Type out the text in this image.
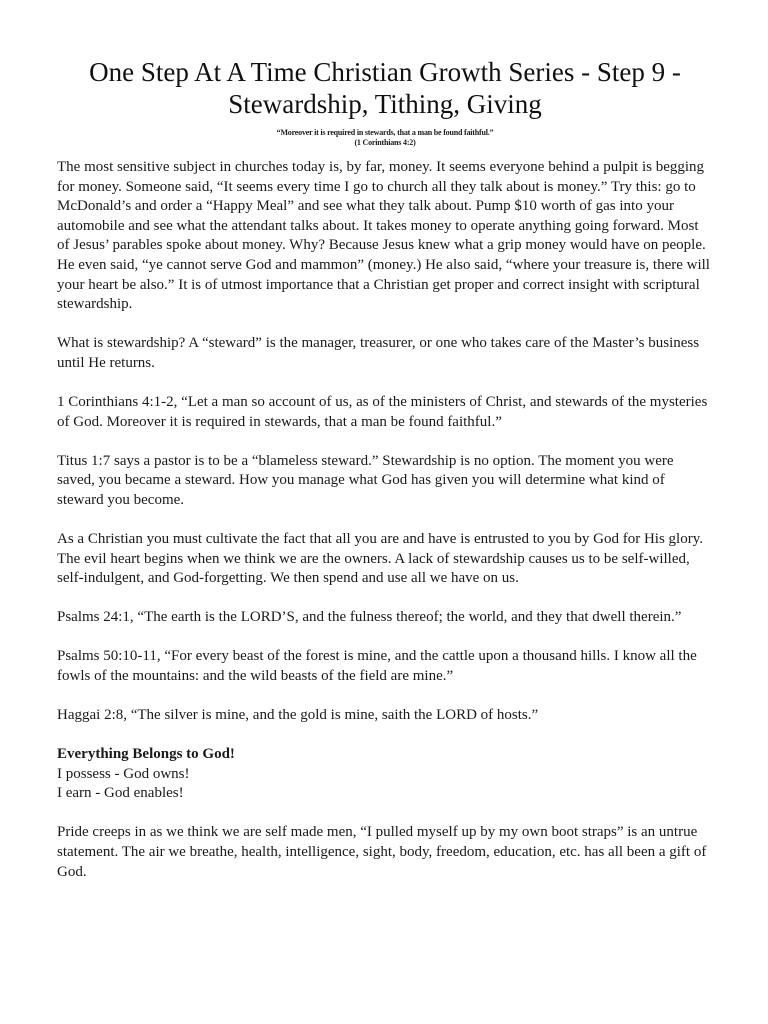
One Step At A Time Christian Growth Series - Step 9 - Stewardship, Tithing, Giving
“Moreover it is required in stewards, that a man be found faithful.”
(1 Corinthians 4:2)

The most sensitive subject in churches today is, by far, money. It seems everyone behind a pulpit is begging for money. Someone said, “It seems every time I go to church all they talk about is money.” Try this: go to McDonald’s and order a “Happy Meal” and see what they talk about. Pump $10 worth of gas into your automobile and see what the attendant talks about. It takes money to operate anything going forward. Most of Jesus’ parables spoke about money. Why? Because Jesus knew what a grip money would have on people. He even said, “ye cannot serve God and mammon” (money.) He also said, “where your treasure is, there will your heart be also.” It is of utmost importance that a Christian get proper and correct insight with scriptural stewardship.

What is stewardship? A “steward” is the manager, treasurer, or one who takes care of the Master’s business until He returns.

1 Corinthians 4:1-2, “Let a man so account of us, as of the ministers of Christ, and stewards of the mysteries of God. Moreover it is required in stewards, that a man be found faithful.”

Titus 1:7 says a pastor is to be a “blameless steward.” Stewardship is no option. The moment you were saved, you became a steward. How you manage what God has given you will determine what kind of steward you become.

As a Christian you must cultivate the fact that all you are and have is entrusted to you by God for His glory. The evil heart begins when we think we are the owners. A lack of stewardship causes us to be self-willed, self-indulgent, and God-forgetting. We then spend and use all we have on us.

Psalms 24:1, “The earth is the LORD’S, and the fulness thereof; the world, and they that dwell therein.”

Psalms 50:10-11, “For every beast of the forest is mine, and the cattle upon a thousand hills. I know all the fowls of the mountains: and the wild beasts of the field are mine.”

Haggai 2:8, “The silver is mine, and the gold is mine, saith the LORD of hosts.”

Everything Belongs to God!
I possess - God owns!
I earn - God enables!

Pride creeps in as we think we are self made men, “I pulled myself up by my own boot straps” is an untrue statement. The air we breathe, health, intelligence, sight, body, freedom, education, etc. has all been a gift of God.
